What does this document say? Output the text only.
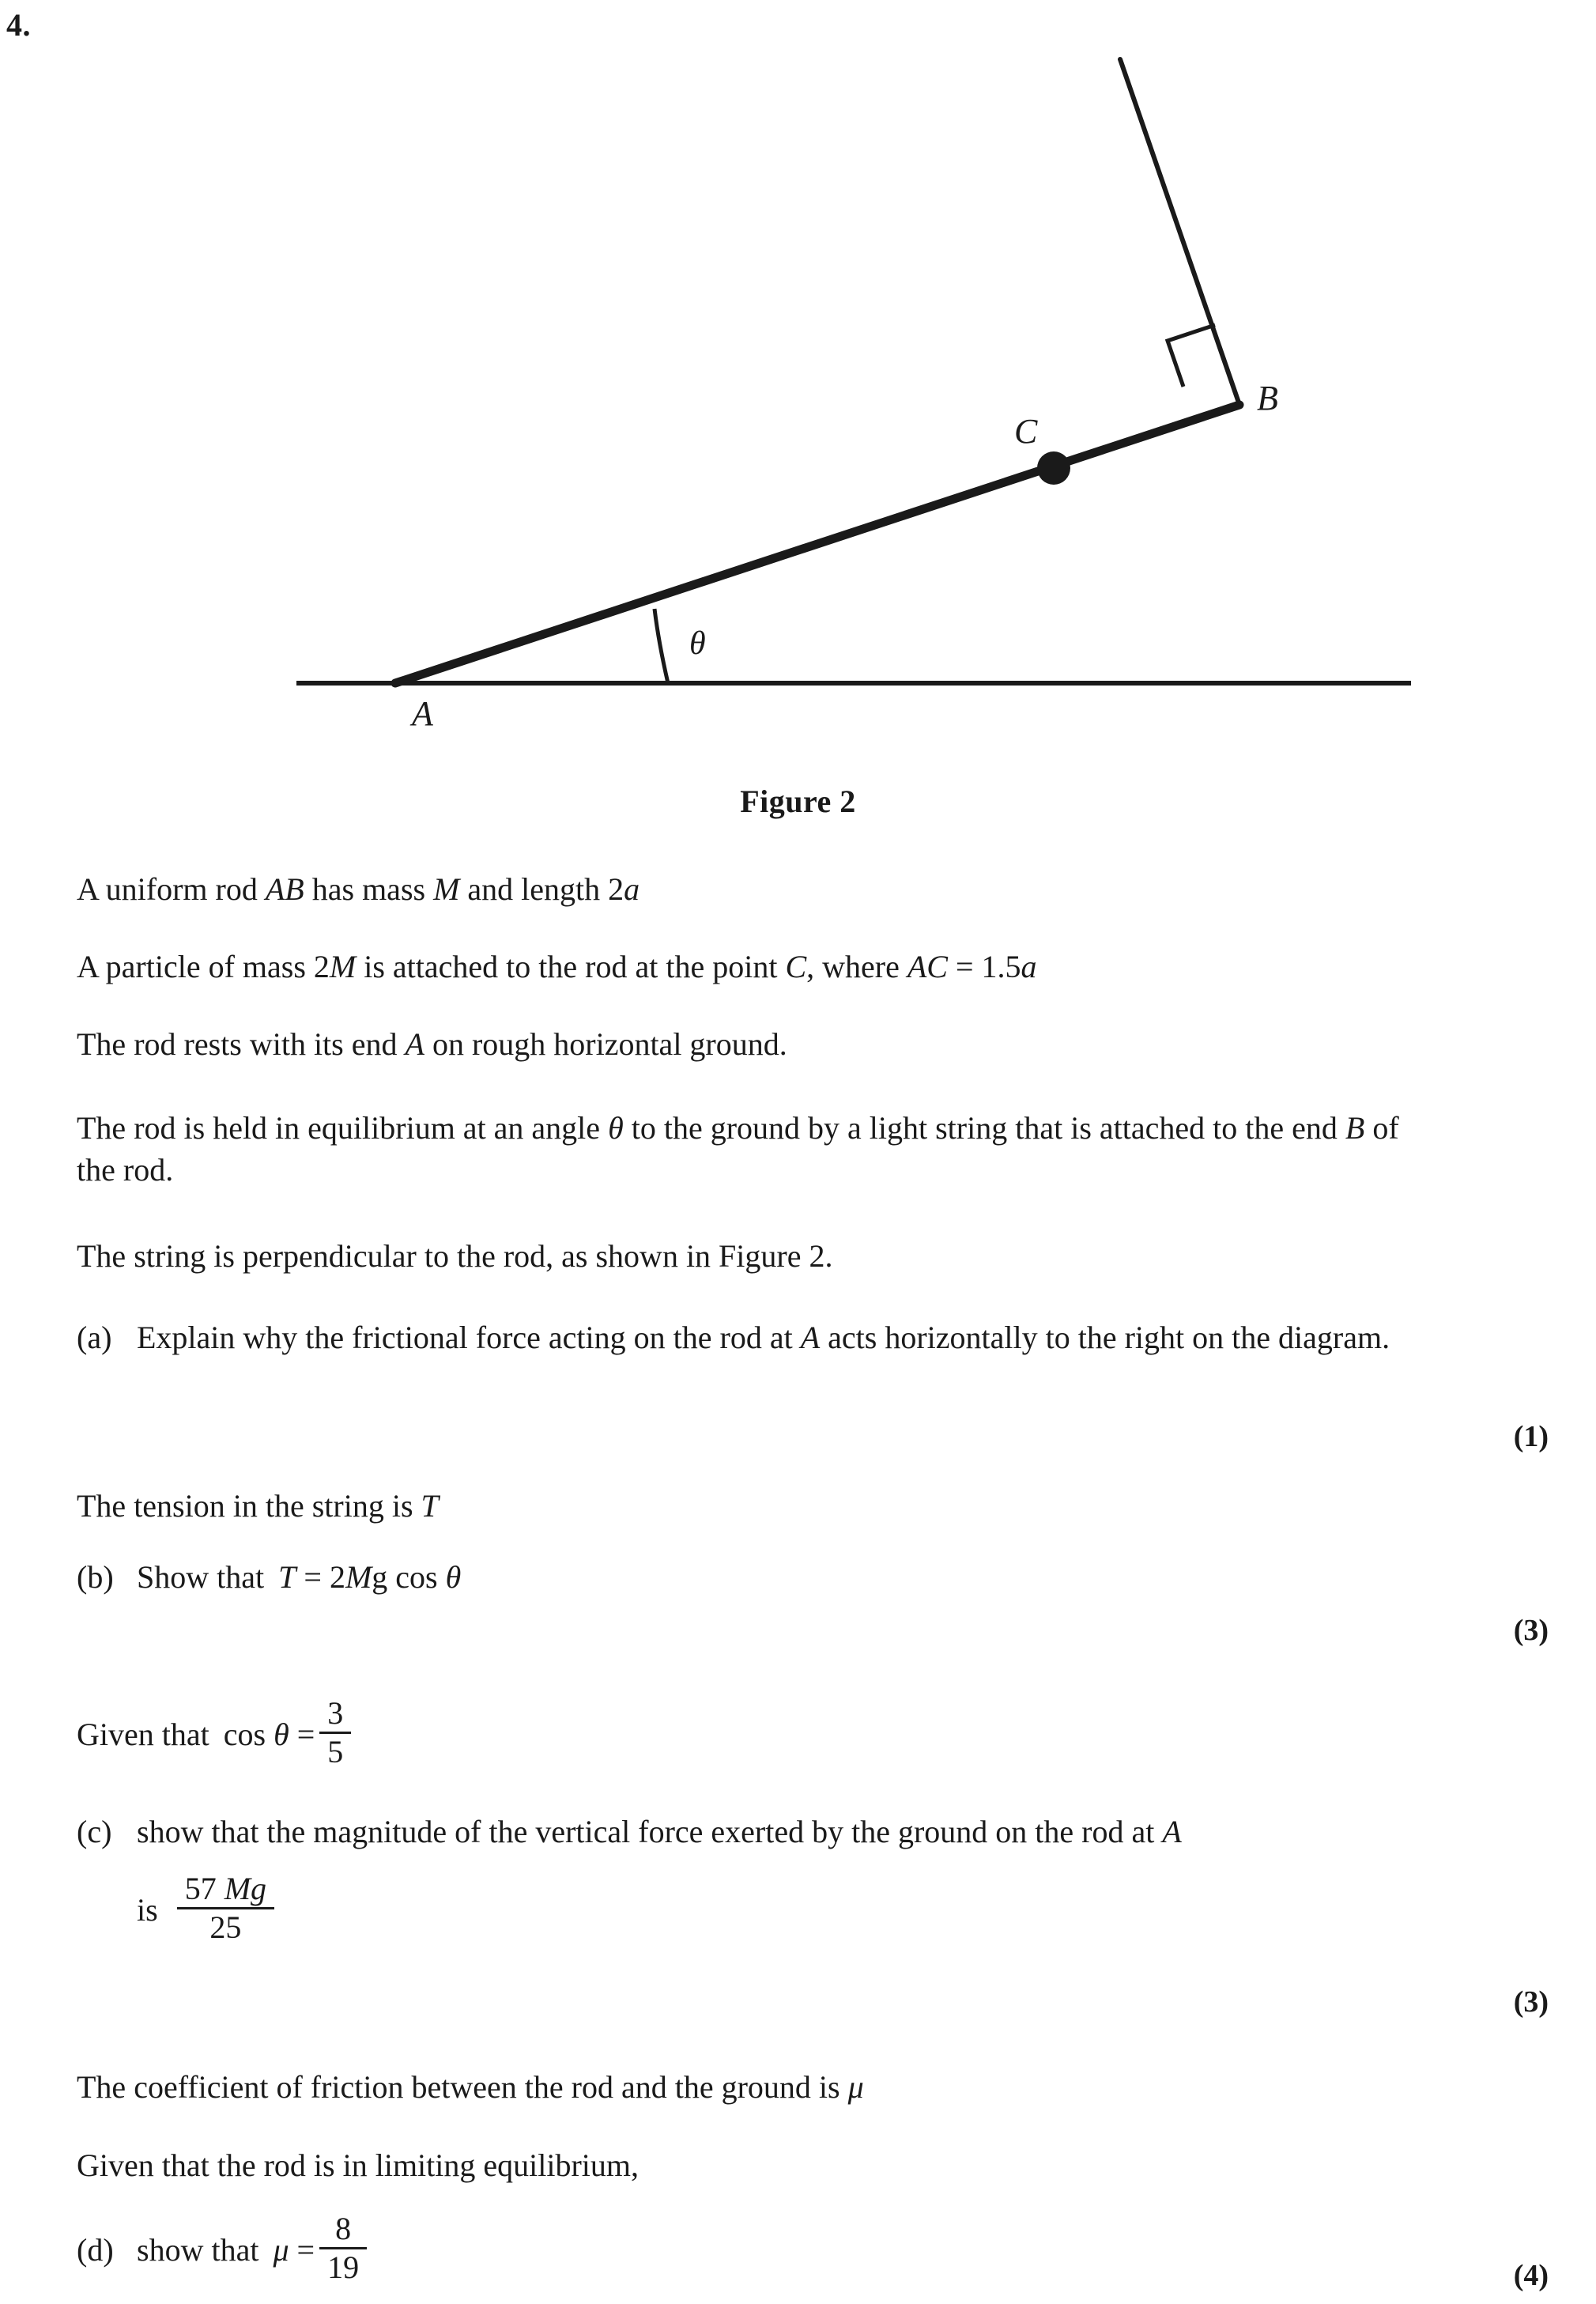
4.
A
B
C
θ
Figure 2
A uniform rod AB has mass M and length 2a
A particle of mass 2M is attached to the rod at the point C, where AC = 1.5a
The rod rests with its end A on rough horizontal ground.
The rod is held in equilibrium at an angle θ to the ground by a light string that is attached to the end B of the rod.
The string is perpendicular to the rod, as shown in Figure 2.
(a) Explain why the frictional force acting on the rod at A acts horizontally to the right on the diagram.
(1)
The tension in the string is T
(b) Show that T = 2Mg cos θ
(3)
Given that $\cos \theta = \frac{3}{5}$
(c) show that the magnitude of the vertical force exerted by the ground on the rod at A
is $\frac{57 Mg}{25}$
(3)
The coefficient of friction between the rod and the ground is μ
Given that the rod is in limiting equilibrium,
(d) show that $\mu = \frac{8}{19}$	(4)
